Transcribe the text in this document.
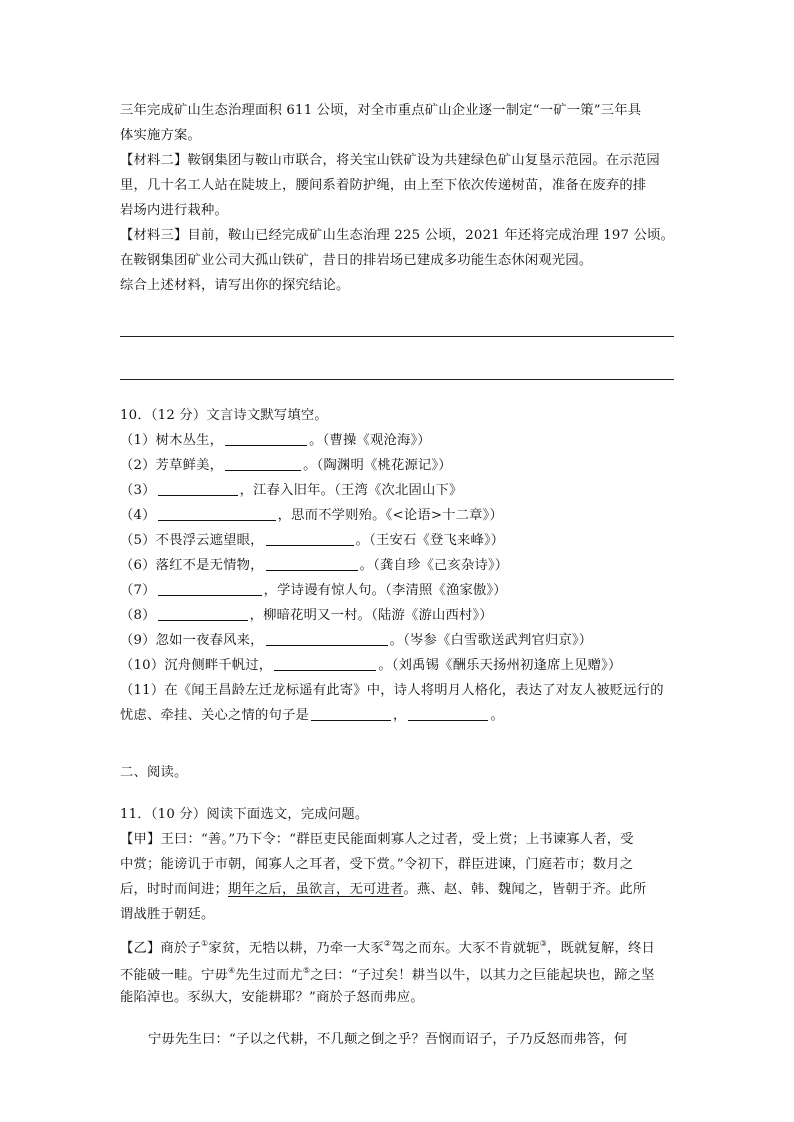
三年完成矿山生态治理面积 611 公顷，对全市重点矿山企业逐一制定“一矿一策”三年具
体实施方案。
【材料二】鞍钢集团与鞍山市联合，将关宝山铁矿设为共建绿色矿山复垦示范园。在示范园
里，几十名工人站在陡坡上，腰间系着防护绳，由上至下依次传递树苗，准备在废弃的排
岩场内进行栽种。
【材料三】目前，鞍山已经完成矿山生态治理 225 公顷，2021 年还将完成治理 197 公顷。
在鞍钢集团矿业公司大孤山铁矿，昔日的排岩场已建成多功能生态休闲观光园。
综合上述材料，请写出你的探究结论。
10．（12 分）文言诗文默写填空。
（1）树木丛生，	。（曹操《观沧海》）
（2）芳草鲜美，	。（陶渊明《桃花源记》）
（3）	，江春入旧年。（王湾《次北固山下》
（4）	，思而不学则殆。《<论语>十二章》）
（5）不畏浮云遮望眼，	。（王安石《登飞来峰》）
（6）落红不是无情物，	。（龚自珍《己亥杂诗》）
（7）	，学诗谩有惊人句。（李清照《渔家傲》）
（8）	，柳暗花明又一村。（陆游《游山西村》）
（9）忽如一夜春风来，	。（岑参《白雪歌送武判官归京》）
（10）沉舟侧畔千帆过，	。（刘禹锡《酬乐天扬州初逢席上见赠》）
（11）在《闻王昌龄左迁龙标遥有此寄》中，诗人将明月人格化，表达了对友人被贬远行的
忧虑、牵挂、关心之情的句子是	，	。
二、阅读。
11．（10 分）阅读下面选文，完成问题。
【甲】王曰：“善。”乃下令：“群臣吏民能面刺寡人之过者，受上赏；上书谏寡人者，受
中赏；能谤讥于市朝，闻寡人之耳者，受下赏。”令初下，群臣进谏，门庭若市；数月之
后，时时而间进；期年之后，虽欲言，无可进者。燕、赵、韩、魏闻之，皆朝于齐。此所
谓战胜于朝廷。
【乙】商於子①家贫，无牿以耕，乃牵一大豕②驾之而东。大豕不肯就轭③，既就复解，终日
不能破一畦。宁毋④先生过而尤⑤之曰：“子过矣！耕当以牛，以其力之巨能起块也，蹄之坚
能陷淖也。豕纵大，安能耕耶？”商於子怒而弗应。
宁毋先生曰：“子以之代耕，不几颠之倒之乎？吾悯而诏子，子乃反怒而弗答，何
